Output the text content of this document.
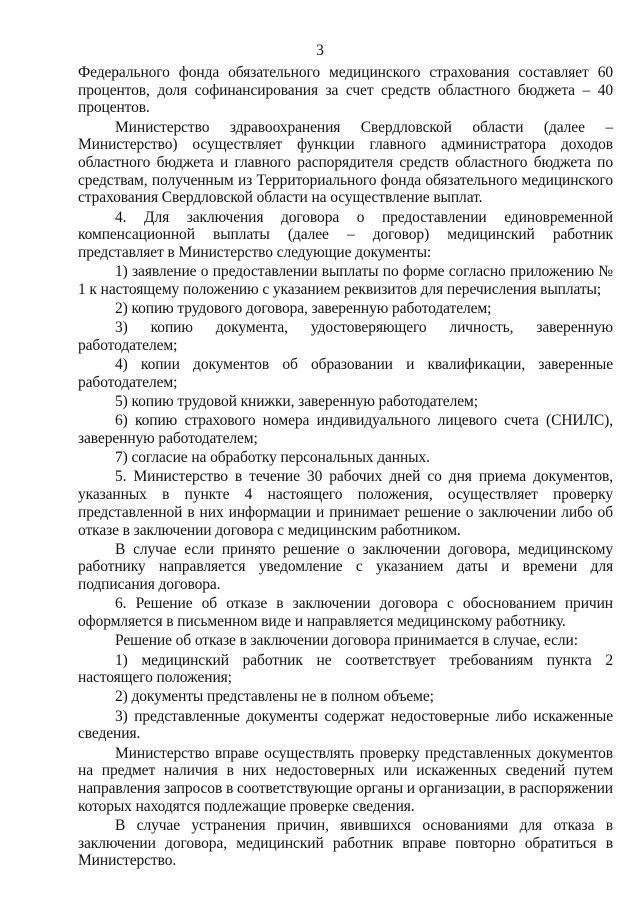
3

Федерального фонда обязательного медицинского страхования составляет 60 процентов, доля софинансирования за счет средств областного бюджета – 40 процентов.

Министерство здравоохранения Свердловской области (далее – Министерство) осуществляет функции главного администратора доходов областного бюджета и главного распорядителя средств областного бюджета по средствам, полученным из Территориального фонда обязательного медицинского страхования Свердловской области на осуществление выплат.

4. Для заключения договора о предоставлении единовременной компенсационной выплаты (далее – договор) медицинский работник представляет в Министерство следующие документы:

1) заявление о предоставлении выплаты по форме согласно приложению № 1 к настоящему положению с указанием реквизитов для перечисления выплаты;

2) копию трудового договора, заверенную работодателем;

3) копию документа, удостоверяющего личность, заверенную работодателем;

4) копии документов об образовании и квалификации, заверенные работодателем;

5) копию трудовой книжки, заверенную работодателем;

6) копию страхового номера индивидуального лицевого счета (СНИЛС), заверенную работодателем;

7) согласие на обработку персональных данных.

5. Министерство в течение 30 рабочих дней со дня приема документов, указанных в пункте 4 настоящего положения, осуществляет проверку представленной в них информации и принимает решение о заключении либо об отказе в заключении договора с медицинским работником.

В случае если принято решение о заключении договора, медицинскому работнику направляется уведомление с указанием даты и времени для подписания договора.

6. Решение об отказе в заключении договора с обоснованием причин оформляется в письменном виде и направляется медицинскому работнику.

Решение об отказе в заключении договора принимается в случае, если:

1) медицинский работник не соответствует требованиям пункта 2 настоящего положения;

2) документы представлены не в полном объеме;

3) представленные документы содержат недостоверные либо искаженные сведения.

Министерство вправе осуществлять проверку представленных документов на предмет наличия в них недостоверных или искаженных сведений путем направления запросов в соответствующие органы и организации, в распоряжении которых находятся подлежащие проверке сведения.

В случае устранения причин, явившихся основаниями для отказа в заключении договора, медицинский работник вправе повторно обратиться в Министерство.
